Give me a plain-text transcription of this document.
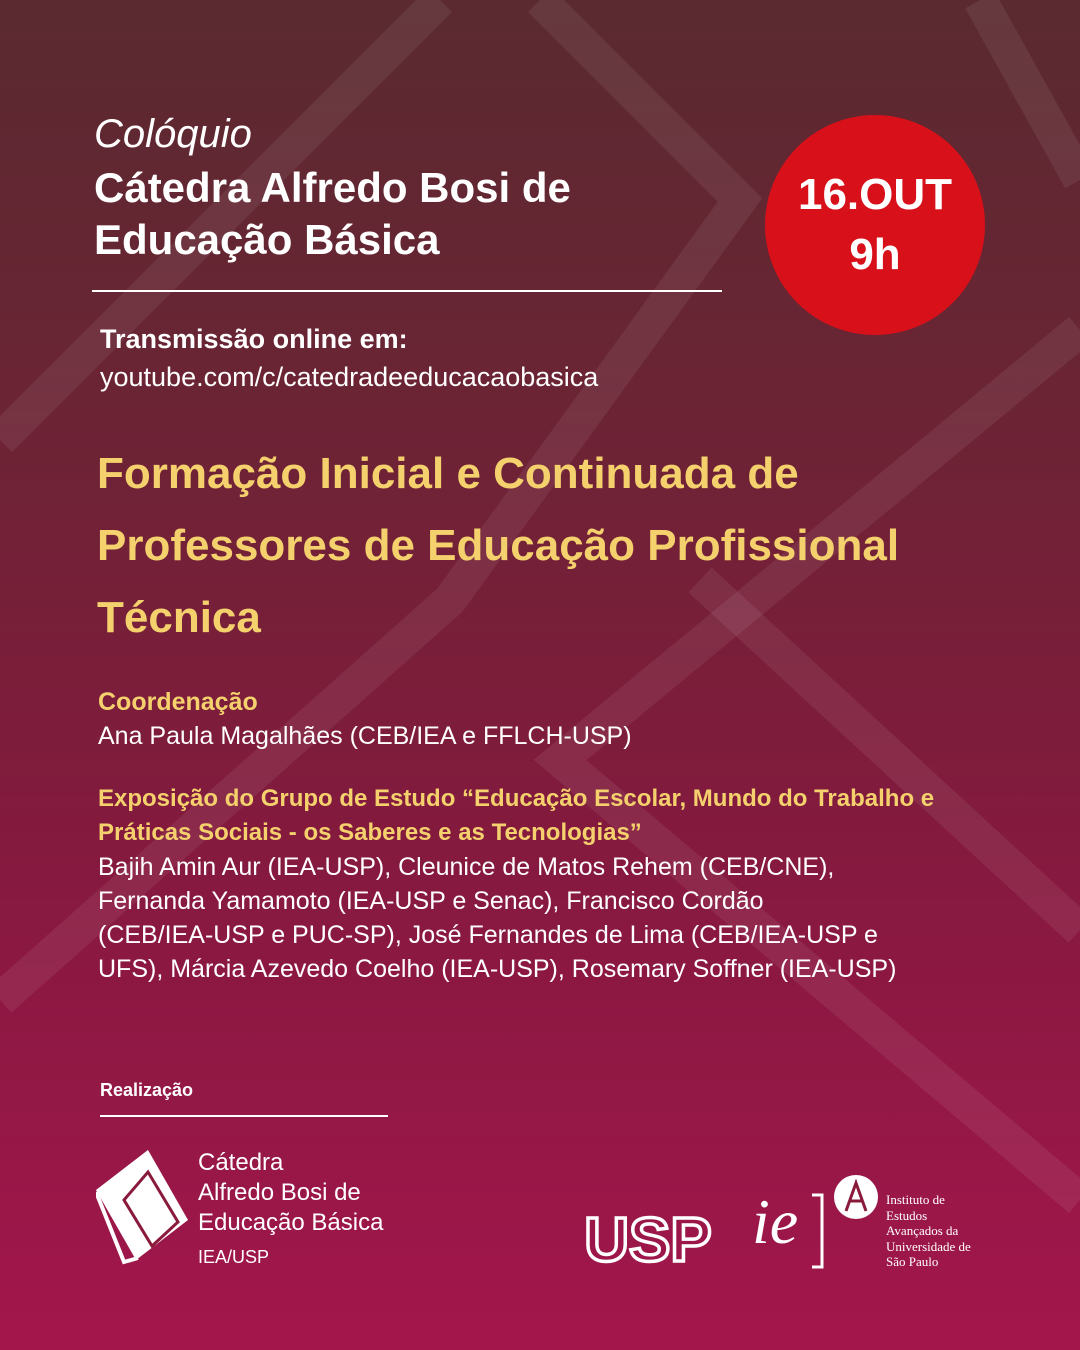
Colóquio
Cátedra Alfredo Bosi de
Educação Básica
16.OUT
9h
Transmissão online em:
youtube.com/c/catedradeeducacaobasica
Formação Inicial e Continuada de
Professores de Educação Profissional
Técnica
Coordenação
Ana Paula Magalhães (CEB/IEA e FFLCH-USP)
Exposição do Grupo de Estudo “Educação Escolar, Mundo do Trabalho e
Práticas Sociais - os Saberes e as Tecnologias”
Bajih Amin Aur (IEA-USP), Cleunice de Matos Rehem (CEB/CNE),
Fernanda Yamamoto (IEA-USP e Senac), Francisco Cordão
(CEB/IEA-USP e PUC-SP), José Fernandes de Lima (CEB/IEA-USP e
UFS), Márcia Azevedo Coelho (IEA-USP), Rosemary Soffner (IEA-USP)
Realização
Cátedra
Alfredo Bosi de
Educação Básica
IEA/USP	USP ie	Instituto de
Estudos
Avançados da
Universidade de
São Paulo
